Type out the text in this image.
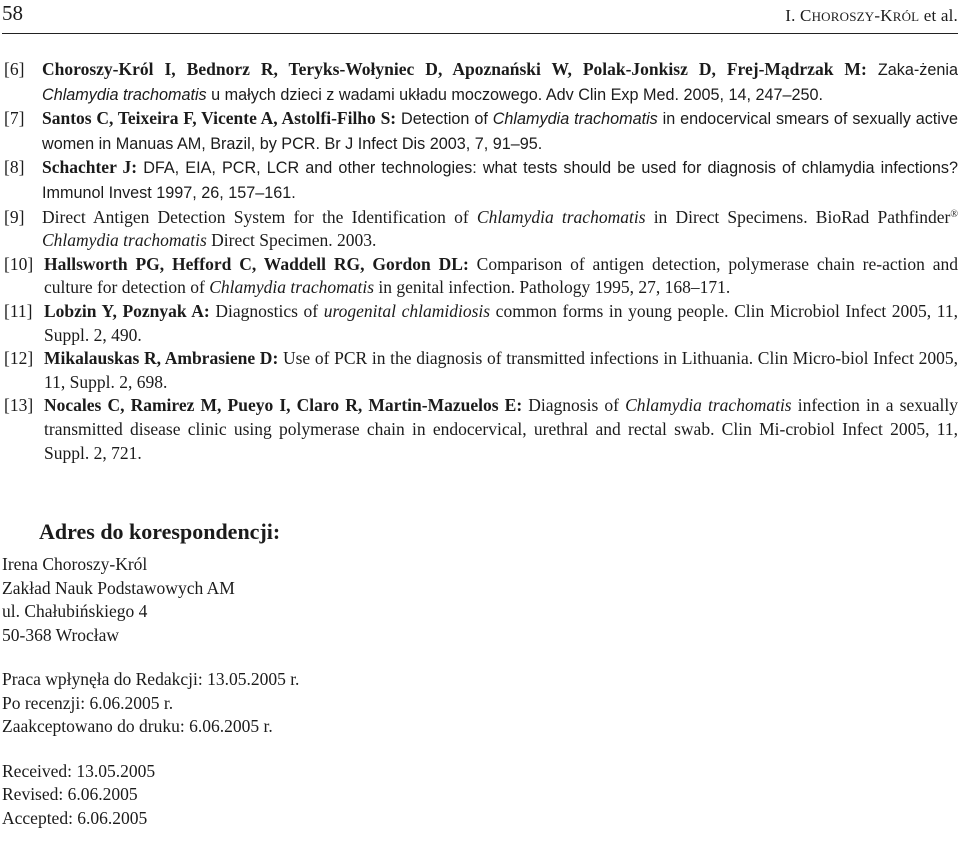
58	I. CHOROSZY-KRÓL et al.

[6] Choroszy-Król I, Bednorz R, Teryks-Wołyniec D, Apoznański W, Polak-Jonkisz D, Frej-Mądrzak M: Zaka-żenia Chlamydia trachomatis u małych dzieci z wadami układu moczowego. Adv Clin Exp Med. 2005, 14, 247–250.

[7] Santos C, Teixeira F, Vicente A, Astolfi-Filho S: Detection of Chlamydia trachomatis in endocervical smears of sexually active women in Manuas AM, Brazil, by PCR. Br J Infect Dis 2003, 7, 91–95.

[8] Schachter J: DFA, EIA, PCR, LCR and other technologies: what tests should be used for diagnosis of chlamydia infections? Immunol Invest 1997, 26, 157–161.

[9] Direct Antigen Detection System for the Identification of Chlamydia trachomatis in Direct Specimens. BioRad Pathfinder® Chlamydia trachomatis Direct Specimen. 2003.

[10] Hallsworth PG, Hefford C, Waddell RG, Gordon DL: Comparison of antigen detection, polymerase chain re-action and culture for detection of Chlamydia trachomatis in genital infection. Pathology 1995, 27, 168–171.

[11] Lobzin Y, Poznyak A: Diagnostics of urogenital chlamidiosis common forms in young people. Clin Microbiol Infect 2005, 11, Suppl. 2, 490.

[12] Mikalauskas R, Ambrasiene D: Use of PCR in the diagnosis of transmitted infections in Lithuania. Clin Micro-biol Infect 2005, 11, Suppl. 2, 698.

[13] Nocales C, Ramirez M, Pueyo I, Claro R, Martin-Mazuelos E: Diagnosis of Chlamydia trachomatis infection in a sexually transmitted disease clinic using polymerase chain in endocervical, urethral and rectal swab. Clin Mi-crobiol Infect 2005, 11, Suppl. 2, 721.

Adres do korespondencji:

Irena Choroszy-Król

Zakład Nauk Podstawowych AM

ul. Chałubińskiego 4

50-368 Wrocław

Praca wpłynęła do Redakcji: 13.05.2005 r.

Po recenzji: 6.06.2005 r.

Zaakceptowano do druku: 6.06.2005 r.

Received: 13.05.2005

Revised: 6.06.2005

Accepted: 6.06.2005
